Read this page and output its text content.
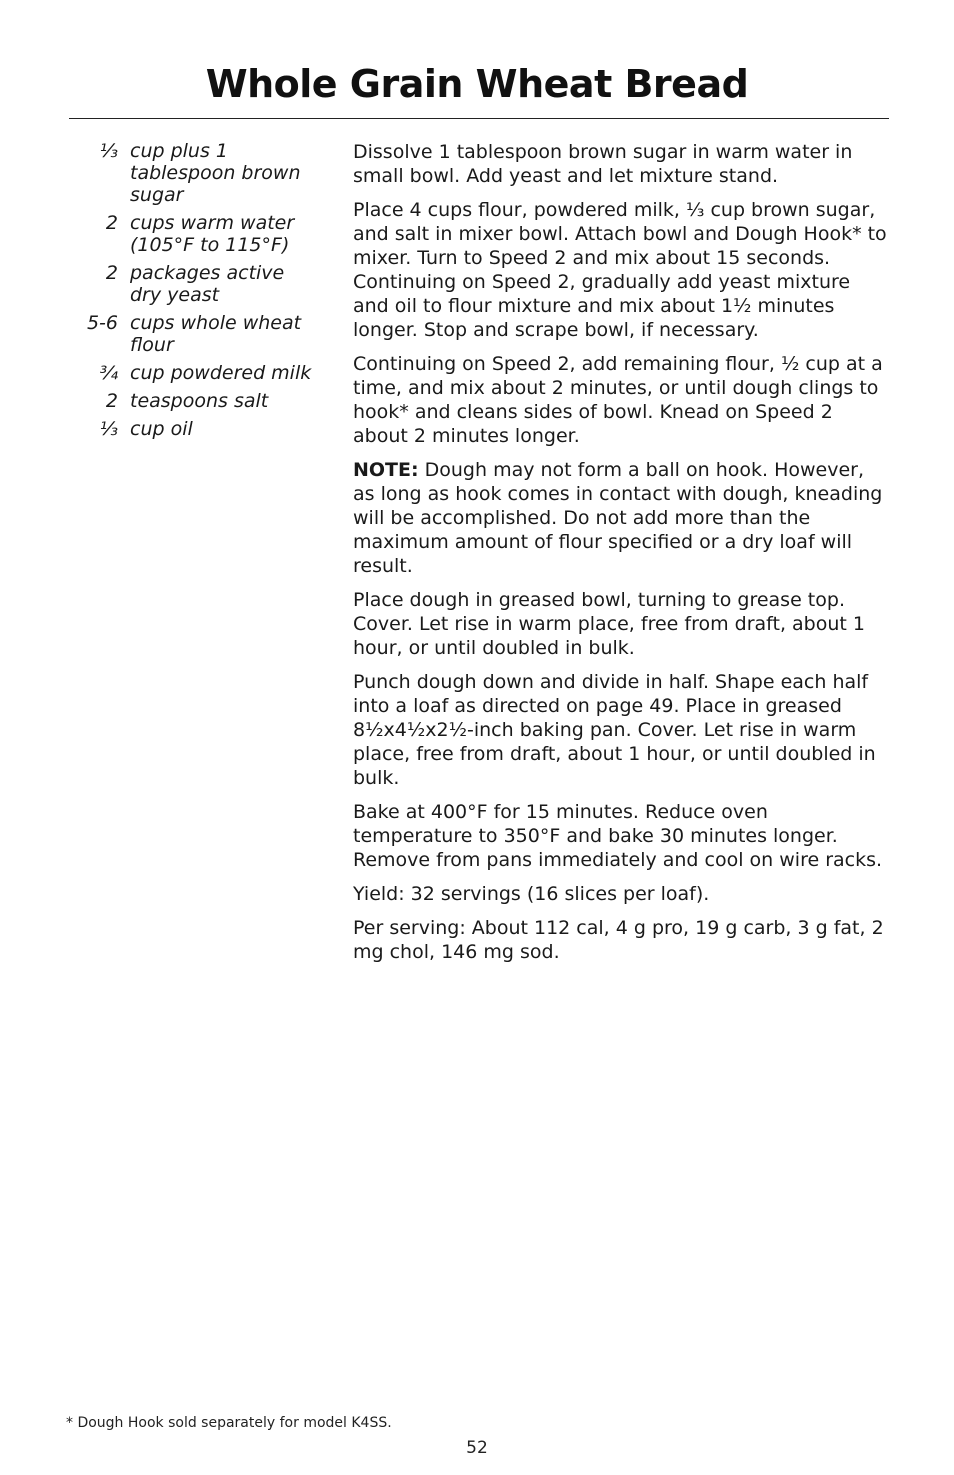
Whole Grain Wheat Bread
⅓ cup plus 1 tablespoon brown sugar
2 cups warm water (105°F to 115°F)
2 packages active dry yeast
5-6 cups whole wheat flour
¾ cup powdered milk
2 teaspoons salt
⅓ cup oil

Dissolve 1 tablespoon brown sugar in warm water in small bowl. Add yeast and let mixture stand.

Place 4 cups flour, powdered milk, ⅓ cup brown sugar, and salt in mixer bowl. Attach bowl and Dough Hook* to mixer. Turn to Speed 2 and mix about 15 seconds. Continuing on Speed 2, gradually add yeast mixture and oil to flour mixture and mix about 1½ minutes longer. Stop and scrape bowl, if necessary.

Continuing on Speed 2, add remaining flour, ½ cup at a time, and mix about 2 minutes, or until dough clings to hook* and cleans sides of bowl. Knead on Speed 2 about 2 minutes longer.

NOTE: Dough may not form a ball on hook. However, as long as hook comes in contact with dough, kneading will be accomplished. Do not add more than the maximum amount of flour specified or a dry loaf will result.

Place dough in greased bowl, turning to grease top. Cover. Let rise in warm place, free from draft, about 1 hour, or until doubled in bulk.

Punch dough down and divide in half. Shape each half into a loaf as directed on page 49. Place in greased 8½x4½x2½-inch baking pan. Cover. Let rise in warm place, free from draft, about 1 hour, or until doubled in bulk.

Bake at 400°F for 15 minutes. Reduce oven temperature to 350°F and bake 30 minutes longer. Remove from pans immediately and cool on wire racks.

Yield: 32 servings (16 slices per loaf).

Per serving: About 112 cal, 4 g pro, 19 g carb, 3 g fat, 2 mg chol, 146 mg sod.

* Dough Hook sold separately for model K4SS.
52
